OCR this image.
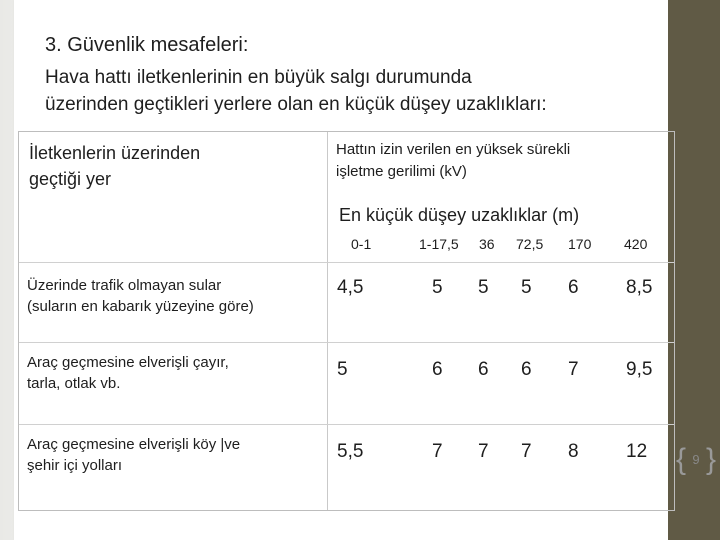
3. Güvenlik mesafeleri:
Hava hattı iletkenlerinin en büyük salgı durumunda
üzerinden geçtikleri yerlere olan en küçük düşey uzaklıkları:
İletkenlerin üzerinden
geçtiği yer
Hattın izin verilen en yüksek sürekli
işletme gerilimi (kV)
En küçük düşey uzaklıklar (m)
0-1	1-17,5 36 72,5 170 420
Üzerinde trafik olmayan sular
(suların en kabarık yüzeyine göre)
4,5	5 5 5 6 8,5
Araç geçmesine elverişli çayır,
tarla, otlak vb.
5	6 6 6 7 9,5
Araç geçmesine elverişli köy |ve
şehir içi yolları
5,5	7 7 7 8 12 { 9 }
